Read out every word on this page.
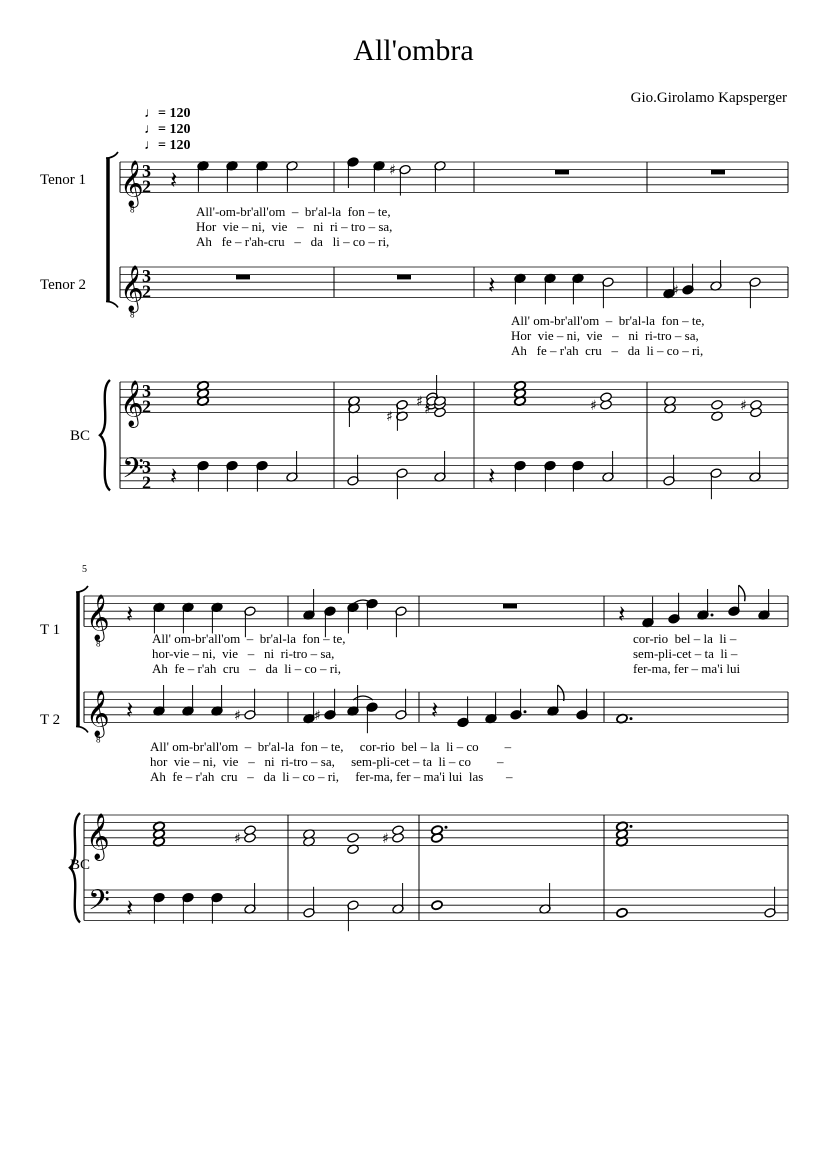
All'ombra
Gio.Girolamo Kapsperger
♩= 120
♩= 120
♩= 120
Tenor 1
Tenor 2
BC
T 1
T 2
BC
5
𝄞
8
3
2
𝄞
8
3
2
𝄞
3
2
𝄢
3
2
𝄞
8
𝄞
8
𝄞
𝄢
𝄽	♯
𝄽	♯
♯
♯ ♯	♯	♯
𝄽	𝄽
𝄽	𝄽
𝄽	♯	♯	𝄽
♯	♯
𝄽
All'-om-br'all'om  –  br'al-la  fon – te,
Hor  vie – ni,  vie   –   ni  ri – tro – sa,
Ah   fe – r'ah-cru   –   da   li – co – ri,
All' om-br'all'om  –  br'al-la  fon – te,
Hor  vie – ni,  vie   –   ni  ri-tro – sa,
Ah   fe – r'ah  cru   –   da  li – co – ri,
All' om-br'all'om  –  br'al-la  fon – te,
hor-vie – ni,  vie   –   ni  ri-tro – sa,
Ah  fe – r'ah  cru   –   da  li – co – ri,
cor-rio  bel – la  li –
sem-pli-cet – ta  li –
fer-ma, fer – ma'i lui
All' om-br'all'om  –  br'al-la  fon – te,     cor-rio  bel – la  li – co        –
hor  vie – ni,  vie   –   ni  ri-tro – sa,     sem-pli-cet – ta  li – co        –
Ah  fe – r'ah  cru   –   da  li – co – ri,     fer-ma, fer – ma'i lui  las       –
